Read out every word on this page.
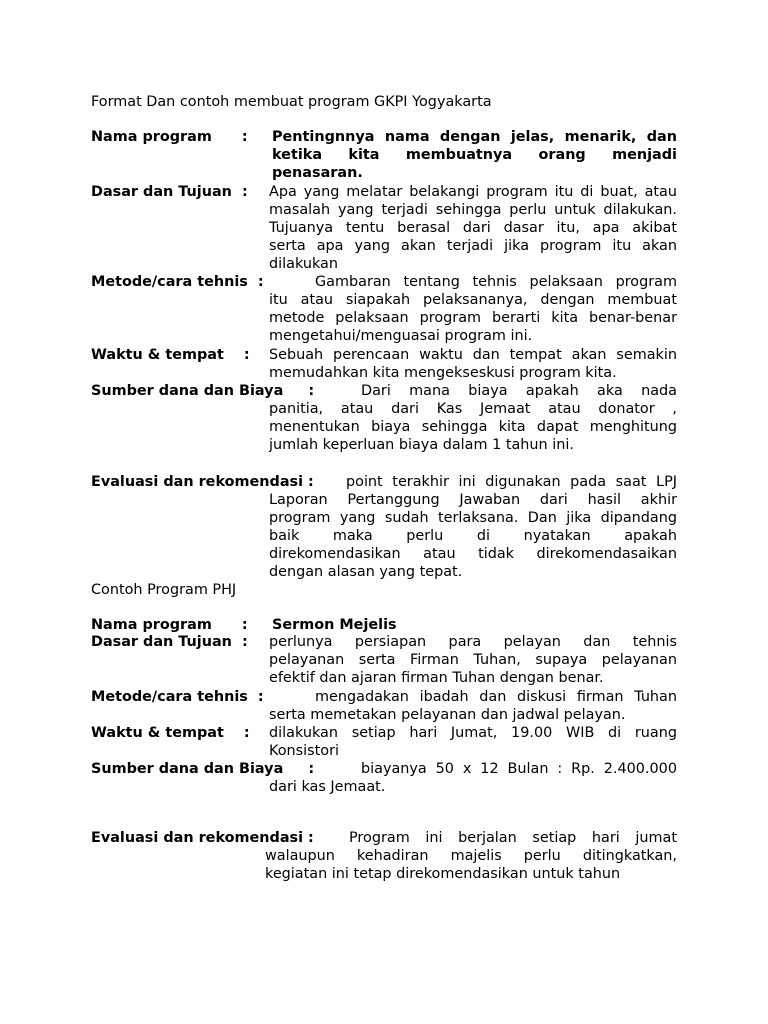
Format Dan contoh membuat program GKPI Yogyakarta
Nama program      : Pentingnnya nama dengan jelas, menarik, dan
ketika kita membuatnya orang menjadi
penasaran.
Dasar dan Tujuan  : Apa yang melatar belakangi program itu di buat, atau
masalah yang terjadi sehingga perlu untuk dilakukan.
Tujuanya tentu berasal dari dasar itu, apa akibat
serta apa yang akan terjadi jika program itu akan
dilakukan
Metode/cara tehnis  :	Gambaran tentang tehnis pelaksaan program
itu atau siapakah pelaksananya, dengan membuat
metode pelaksaan program berarti kita benar-benar
mengetahui/menguasai program ini.
Waktu & tempat    : Sebuah perencaan waktu dan tempat akan semakin
memudahkan kita mengekseskusi program kita.
Sumber dana dan Biaya     :	Dari mana biaya apakah aka nada
panitia, atau dari Kas Jemaat atau donator ,
menentukan biaya sehingga kita dapat menghitung
jumlah keperluan biaya dalam 1 tahun ini.
Evaluasi dan rekomendasi :	point terakhir ini digunakan pada saat LPJ
Laporan Pertanggung Jawaban dari hasil akhir
program yang sudah terlaksana. Dan jika dipandang
baik maka perlu di nyatakan apakah
direkomendasikan atau tidak direkomendasaikan
dengan alasan yang tepat.
Contoh Program PHJ
Nama program      : Sermon Mejelis
Dasar dan Tujuan  : perlunya persiapan para pelayan dan tehnis
pelayanan serta Firman Tuhan, supaya pelayanan
efektif dan ajaran firman Tuhan dengan benar.
Metode/cara tehnis  :	mengadakan ibadah dan diskusi firman Tuhan
serta memetakan pelayanan dan jadwal pelayan.
Waktu & tempat    : dilakukan setiap hari Jumat, 19.00 WIB di ruang
Konsistori
Sumber dana dan Biaya     :	biayanya 50 x 12 Bulan : Rp. 2.400.000
dari kas Jemaat.
Evaluasi dan rekomendasi :	Program ini berjalan setiap hari jumat
walaupun kehadiran majelis perlu ditingkatkan,
kegiatan ini tetap direkomendasikan untuk tahun
